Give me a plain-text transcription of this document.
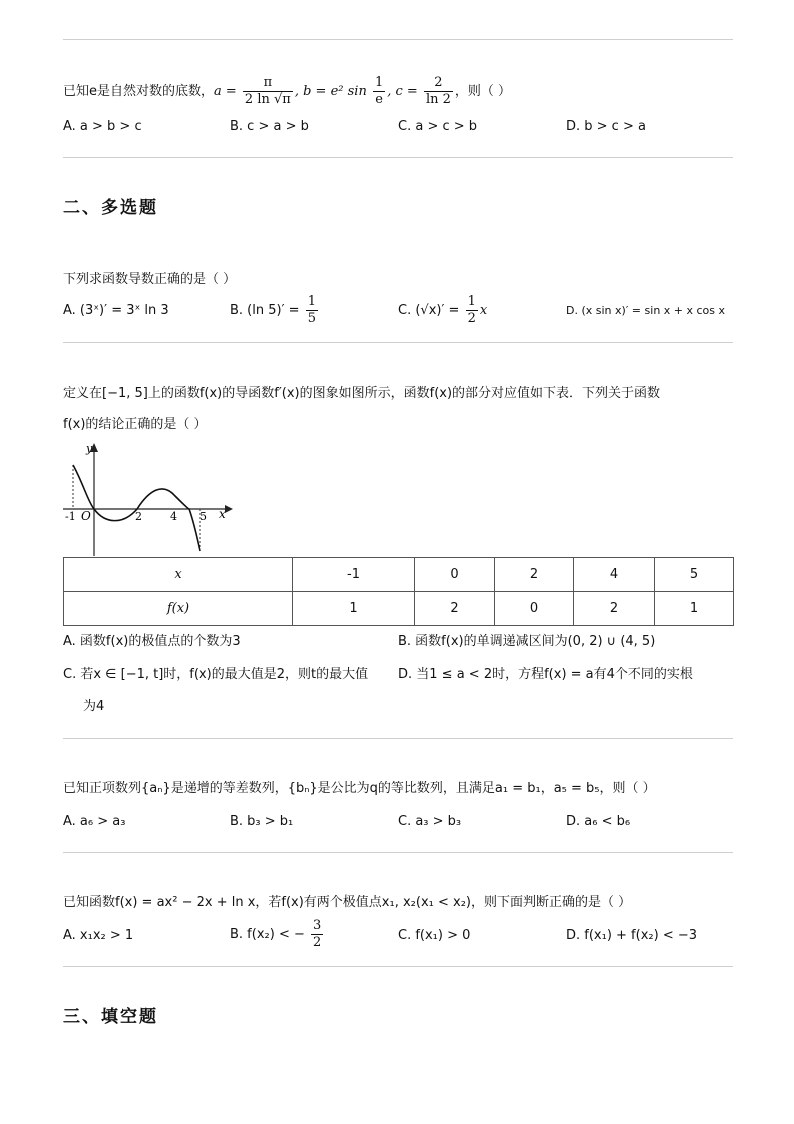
已知e是自然对数的底数，$a = \frac{\pi}{2 \ln √\pi}$ , b = e² $\sin \frac{1}{e}$ , $c = \frac{2}{\ln 2}$ ，则（ ）
A. a > b > c	B. c > a > b	C. a > c > b	D. b > c > a
二、多选题
下列求函数导数正确的是（ ）
A. (3ˣ)′ = 3ˣ ln 3	B. (ln $5)' = \frac{1}{5}$	C. $(√x)' = \frac{1}{2}$ x	D. (x sin x)′ = sin x + x cos x
定义在[−1, 5]上的函数f(x)的导函数f′(x)的图象如图所示，函数f(x)的部分对应值如下表．下列关于函数
f(x)的结论正确的是（ ）
y
x
O
-1	2	4 5
x	-1	0	2	4	5
f(x)	1	2	0	2	1
A. 函数f(x)的极值点的个数为3	B. 函数f(x)的单调递减区间为(0, 2) ∪ (4, 5)
C. 若x ∈ [−1, t]时，f(x)的最大值是2，则t的最大值
为4
D. 当1 ≤ a < 2时，方程f(x) = a有4个不同的实根
已知正项数列{aₙ}是递增的等差数列，{bₙ}是公比为q的等比数列，且满足a₁ = b₁，a₅ = b₅，则（ ）
A. a₆ > a₃	B. b₃ > b₁	C. a₃ > b₃	D. a₆ < b₆
已知函数f(x) = ax² − 2x + ln x，若f(x)有两个极值点x₁, x₂(x₁ < x₂)，则下面判断正确的是（ ）
A. x₁x₂ > 1	B. f(x₂) < − $\frac{3}{2}$	C. f(x₁) > 0	D. f(x₁) + f(x₂) < −3
三、填空题
